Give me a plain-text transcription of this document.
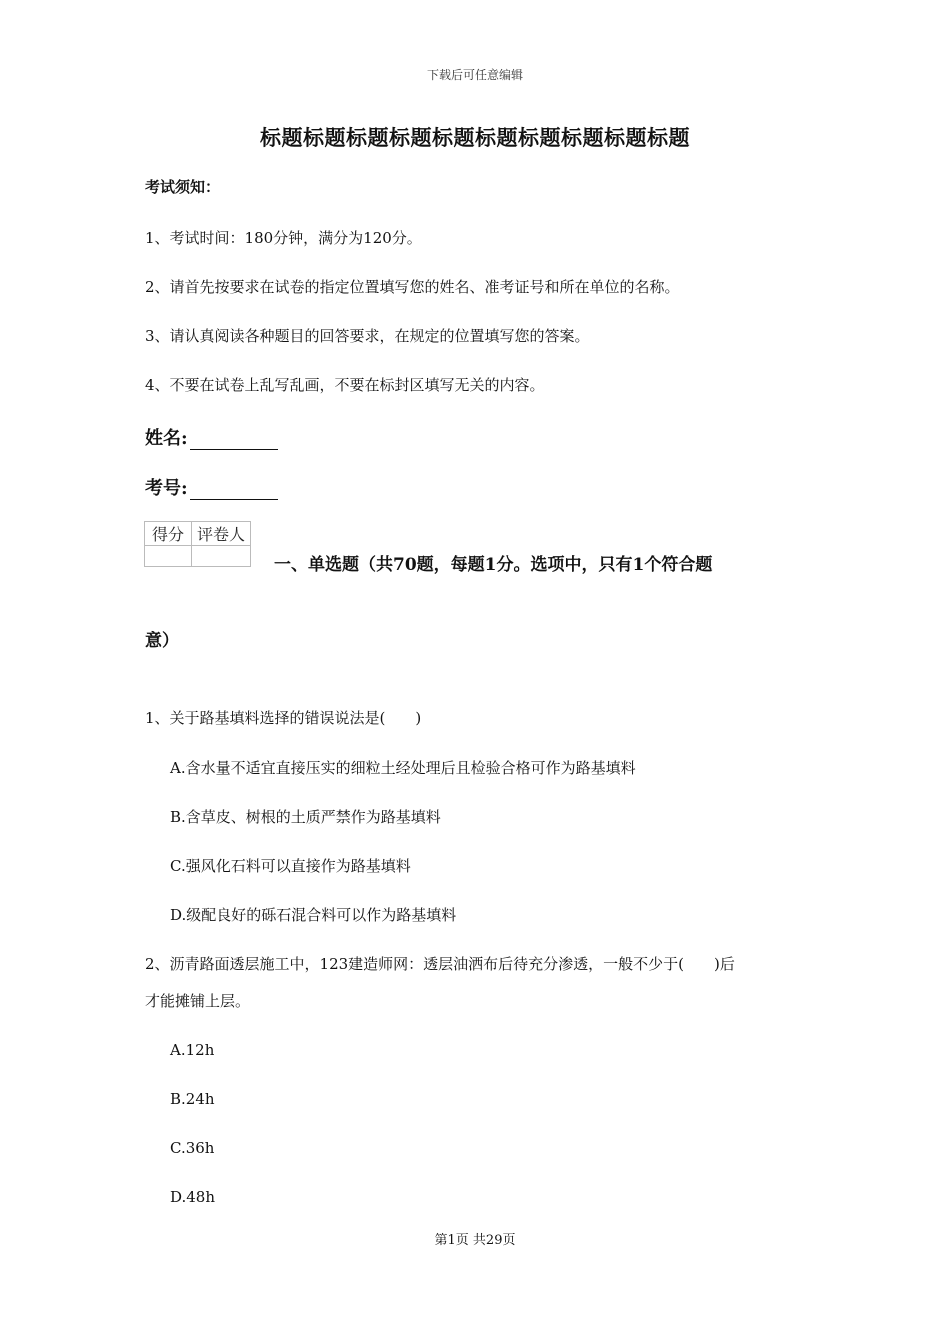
下载后可任意编辑
标题标题标题标题标题标题标题标题标题标题
考试须知：
1、考试时间：180分钟，满分为120分。
2、请首先按要求在试卷的指定位置填写您的姓名、准考证号和所在单位的名称。
3、请认真阅读各种题目的回答要求，在规定的位置填写您的答案。
4、不要在试卷上乱写乱画，不要在标封区填写无关的内容。
姓名:
考号:
得分	评卷人

一、单选题（共70题，每题1分。选项中，只有1个符合题
意）
1、关于路基填料选择的错误说法是(　　)
A.含水量不适宜直接压实的细粒土经处理后且检验合格可作为路基填料
B.含草皮、树根的土质严禁作为路基填料
C.强风化石料可以直接作为路基填料
D.级配良好的砾石混合料可以作为路基填料
2、沥青路面透层施工中，123建造师网：透层油洒布后待充分渗透，一般不少于(　　)后
才能摊铺上层。
A.12h
B.24h
C.36h
D.48h
第1页 共29页
